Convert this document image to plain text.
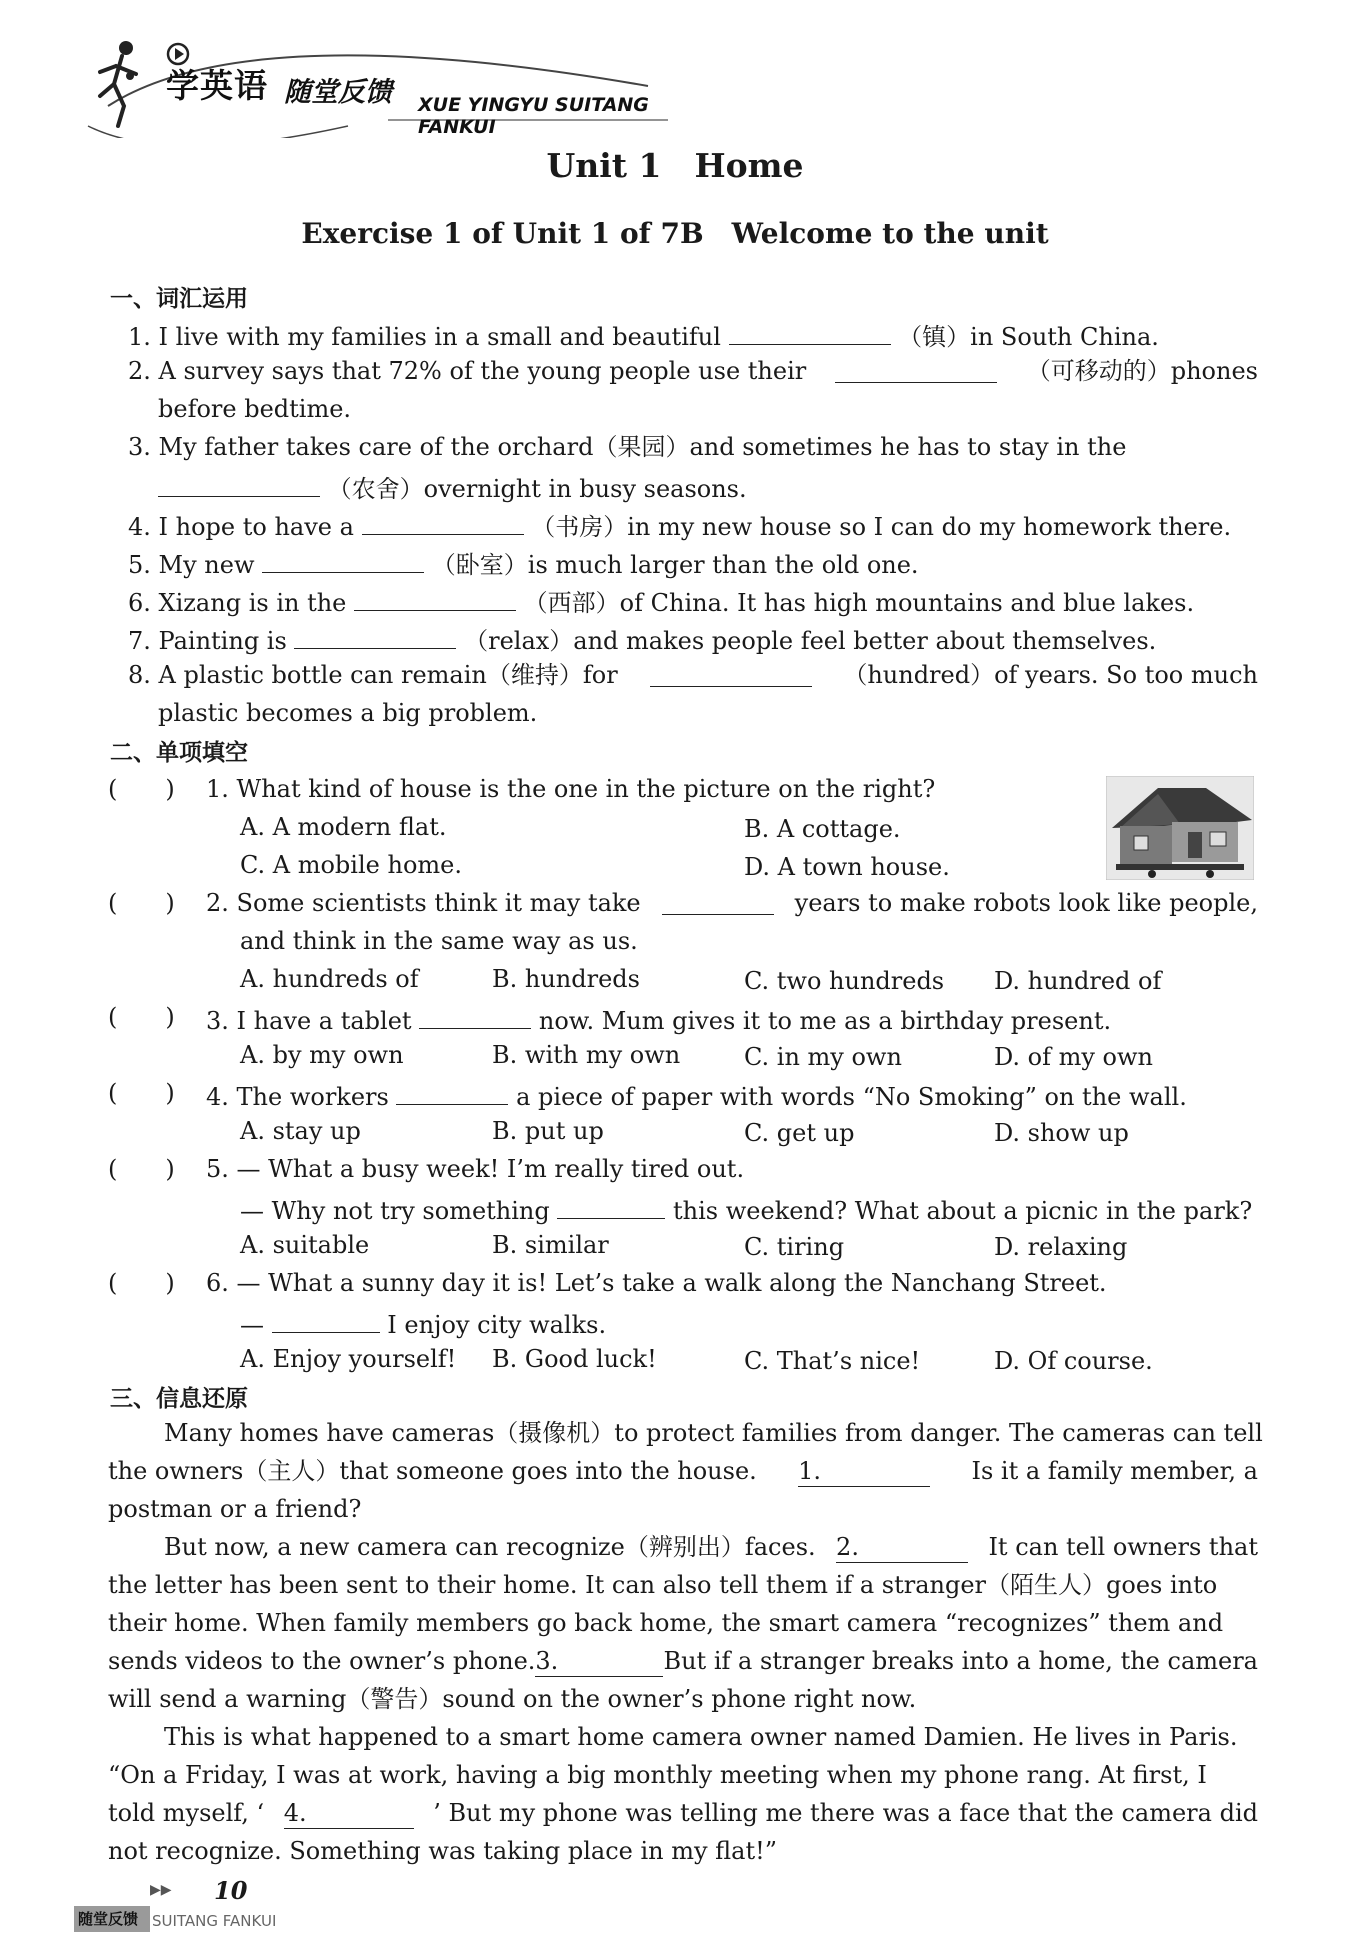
学英语 随堂反馈 XUE YINGYU SUITANG FANKUI
Unit 1　Home
Exercise 1 of Unit 1 of 7B　Welcome to the unit
一、词汇运用
1. I live with my families in a small and beautiful	（镇）in South China.
2. A survey says that 72% of the young people use their	（可移动的）phones
before bedtime.
3. My father takes care of the orchard（果园）and sometimes he has to stay in the
（农舍）overnight in busy seasons.
4. I hope to have a	（书房）in my new house so I can do my homework there.
5. My new	（卧室）is much larger than the old one.
6. Xizang is in the	（西部）of China. It has high mountains and blue lakes.
7. Painting is	（relax）and makes people feel better about themselves.
8. A plastic bottle can remain（维持）for	（hundred）of years. So too much
plastic becomes a big problem.
二、单项填空
(　　)	1. What kind of house is the one in the picture on the right?
A. A modern flat.	B. A cottage.
C. A mobile home.	D. A town house.
(　　)	2. Some scientists think it may take	years to make robots look like people,
and think in the same way as us.
A. hundreds of	B. hundreds	C. two hundreds D. hundred of
(　　)	3. I have a tablet	now. Mum gives it to me as a birthday present.
A. by my own	B. with my own	C. in my own	D. of my own
(　　)	4. The workers	a piece of paper with words “No Smoking” on the wall.
A. stay up	B. put up	C. get up	D. show up
(　　)	5. — What a busy week! I’m really tired out.
— Why not try something	this weekend? What about a picnic in the park?
A. suitable	B. similar	C. tiring	D. relaxing
(　　)	6. — What a sunny day it is! Let’s take a walk along the Nanchang Street.
—	I enjoy city walks.
A. Enjoy yourself! B. Good luck!	C. That’s nice!	D. Of course.
三、信息还原
Many homes have cameras（摄像机）to protect families from danger. The cameras can tell
the owners（主人）that someone goes into the house. 1.	Is it a family member, a
postman or a friend?
But now, a new camera can recognize（辨别出）faces. 2.	It can tell owners that
the letter has been sent to their home. It can also tell them if a stranger（陌生人）goes into
their home. When family members go back home, the smart camera “recognizes” them and
sends videos to the owner’s phone. 3.	But if a stranger breaks into a home, the camera
will send a warning（警告）sound on the owner’s phone right now.
This is what happened to a smart home camera owner named Damien. He lives in Paris.
“On a Friday, I was at work, having a big monthly meeting when my phone rang. At first, I
told myself, ‘ 4.	’ But my phone was telling me there was a face that the camera did
not recognize. Something was taking place in my flat!”
▶▶ 10
随堂反馈 SUITANG FANKUI
